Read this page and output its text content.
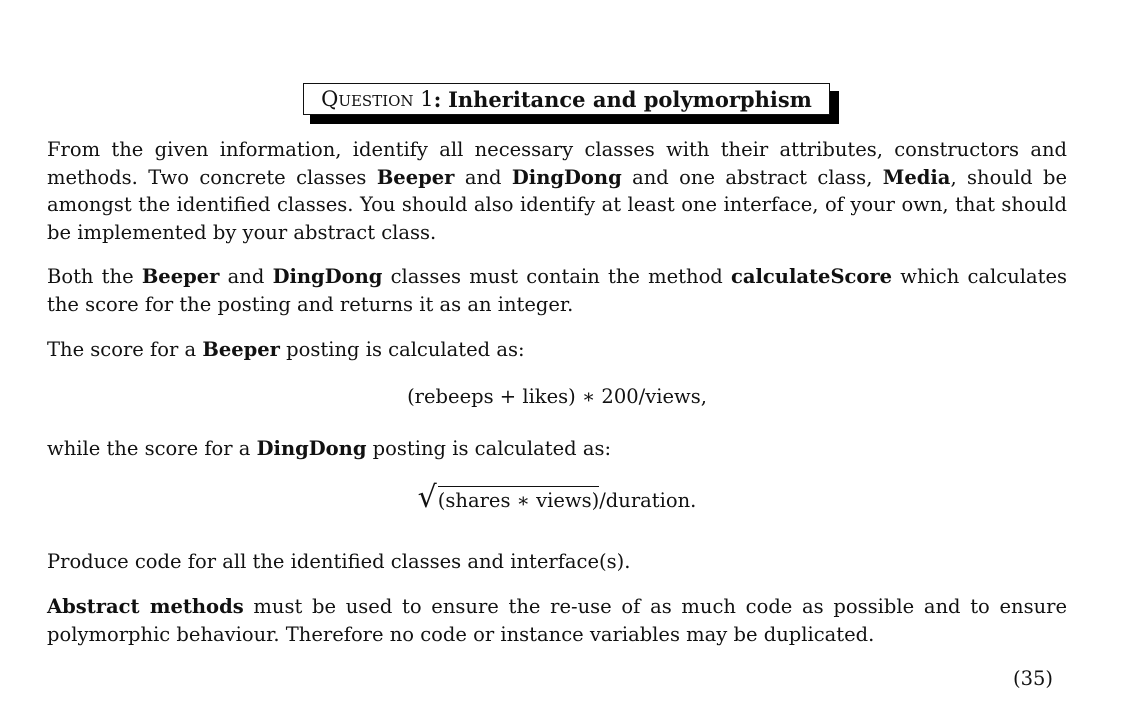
Question 1 :
Inheritance and polymorphism

From the given information, identify all necessary classes with their attributes, constructors and methods. Two concrete classes Beeper and DingDong and one abstract class, Media, should be amongst the identified classes. You should also identify at least one interface, of your own, that should be implemented by your abstract class.

Both the Beeper and DingDong classes must contain the method calculateScore which calculates the score for the posting and returns it as an integer.

The score for a Beeper posting is calculated as:

(rebeeps + likes) ∗ 200/views,

while the score for a DingDong posting is calculated as:

√ (shares ∗ views) /duration.

Produce code for all the identified classes and interface(s).

Abstract methods must be used to ensure the re-use of as much code as possible and to ensure polymorphic behaviour. Therefore no code or instance variables may be duplicated.

(35)
